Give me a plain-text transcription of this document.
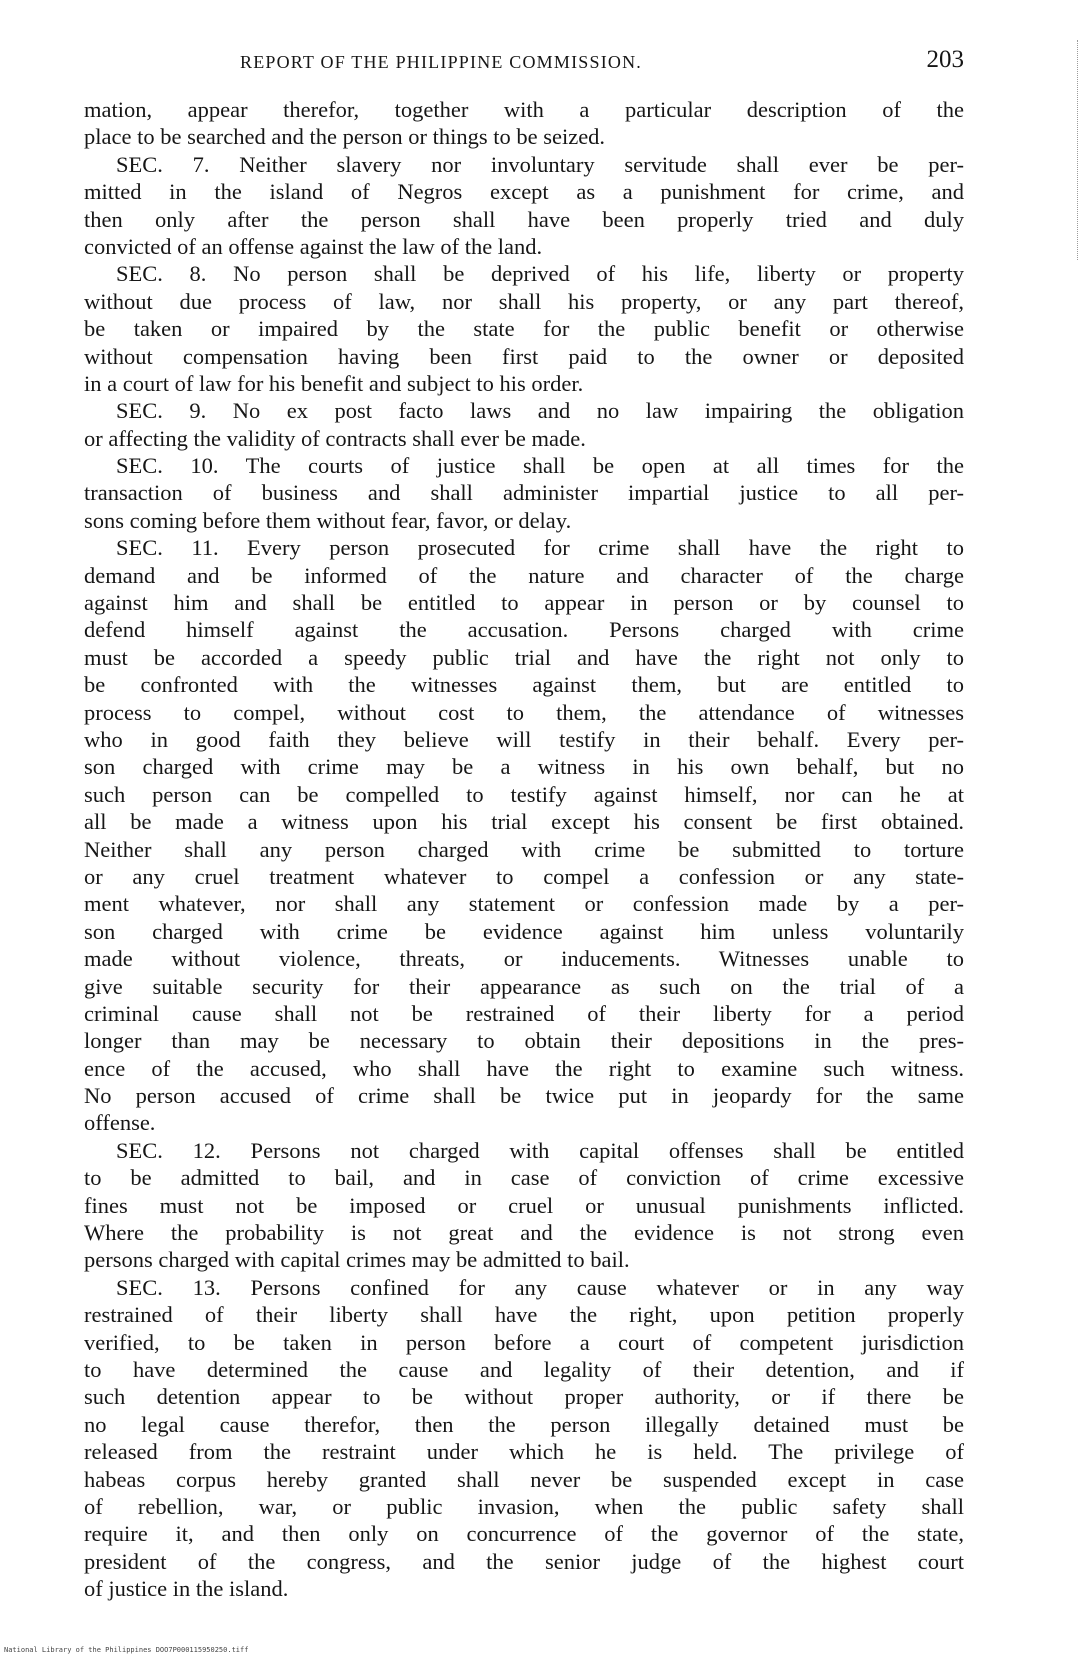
REPORT OF THE PHILIPPINE COMMISSION.	203
mation, appear therefor, together with a particular description of the
place to be searched and the person or things to be seized.
SEC. 7. Neither slavery nor involuntary servitude shall ever be per-
mitted in the island of Negros except as a punishment for crime, and
then only after the person shall have been properly tried and duly
convicted of an offense against the law of the land.
SEC. 8. No person shall be deprived of his life, liberty or property
without due process of law, nor shall his property, or any part thereof,
be taken or impaired by the state for the public benefit or otherwise
without compensation having been first paid to the owner or deposited
in a court of law for his benefit and subject to his order.
SEC. 9. No ex post facto laws and no law impairing the obligation
or affecting the validity of contracts shall ever be made.
SEC. 10. The courts of justice shall be open at all times for the
transaction of business and shall administer impartial justice to all per-
sons coming before them without fear, favor, or delay.
SEC. 11. Every person prosecuted for crime shall have the right to
demand and be informed of the nature and character of the charge
against him and shall be entitled to appear in person or by counsel to
defend himself against the accusation. Persons charged with crime
must be accorded a speedy public trial and have the right not only to
be confronted with the witnesses against them, but are entitled to
process to compel, without cost to them, the attendance of witnesses
who in good faith they believe will testify in their behalf. Every per-
son charged with crime may be a witness in his own behalf, but no
such person can be compelled to testify against himself, nor can he at
all be made a witness upon his trial except his consent be first obtained.
Neither shall any person charged with crime be submitted to torture
or any cruel treatment whatever to compel a confession or any state-
ment whatever, nor shall any statement or confession made by a per-
son charged with crime be evidence against him unless voluntarily
made without violence, threats, or inducements. Witnesses unable to
give suitable security for their appearance as such on the trial of a
criminal cause shall not be restrained of their liberty for a period
longer than may be necessary to obtain their depositions in the pres-
ence of the accused, who shall have the right to examine such witness.
No person accused of crime shall be twice put in jeopardy for the same
offense.
SEC. 12. Persons not charged with capital offenses shall be entitled
to be admitted to bail, and in case of conviction of crime excessive
fines must not be imposed or cruel or unusual punishments inflicted.
Where the probability is not great and the evidence is not strong even
persons charged with capital crimes may be admitted to bail.
SEC. 13. Persons confined for any cause whatever or in any way
restrained of their liberty shall have the right, upon petition properly
verified, to be taken in person before a court of competent jurisdiction
to have determined the cause and legality of their detention, and if
such detention appear to be without proper authority, or if there be
no legal cause therefor, then the person illegally detained must be
released from the restraint under which he is held. The privilege of
habeas corpus hereby granted shall never be suspended except in case
of rebellion, war, or public invasion, when the public safety shall
require it, and then only on concurrence of the governor of the state,
president of the congress, and the senior judge of the highest court
of justice in the island.
National Library of the Philippines DOO7P000115950250.tiff
